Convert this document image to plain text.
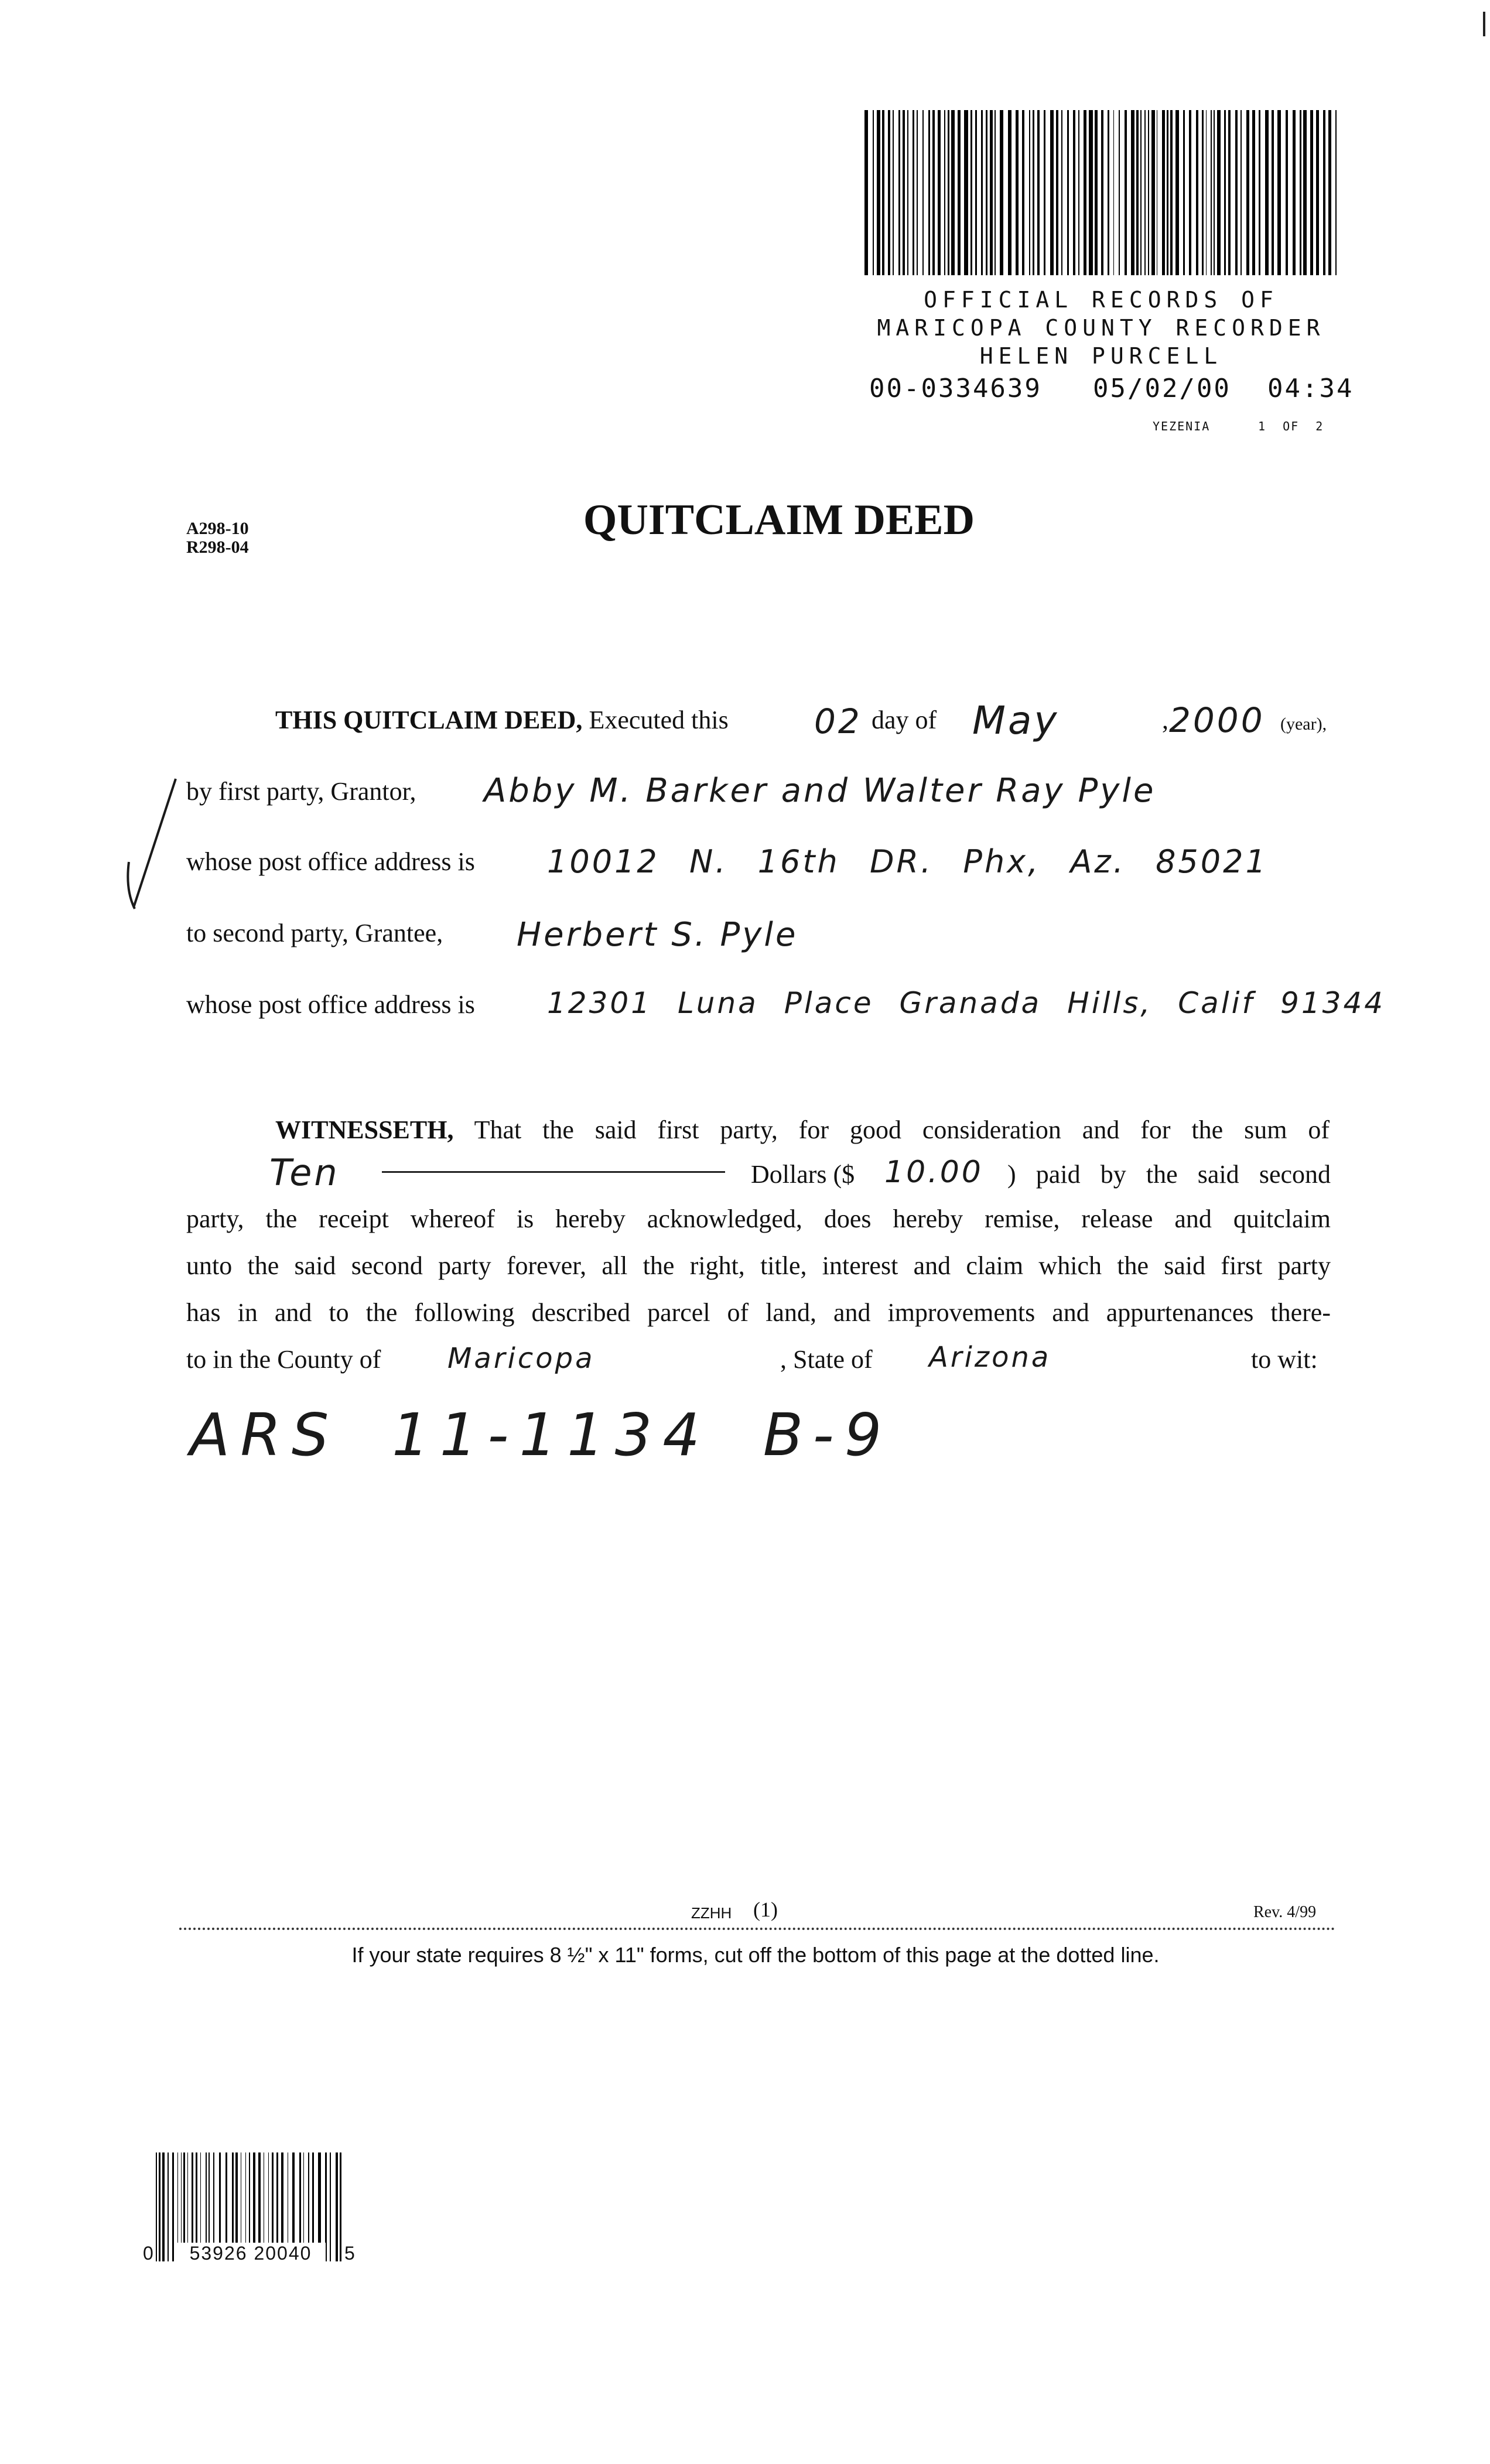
OFFICIAL RECORDS OF
MARICOPA COUNTY RECORDER
HELEN PURCELL
00-0334639 05/02/00 04:34
YEZENIA	1 OF 2
A298-10
R298-04
QUITCLAIM DEED
THIS QUITCLAIM DEED, Executed this	02 day of May	, 2000 (year),
by first party, Grantor, Abby M. Barker and Walter Ray Pyle
whose post office address is 10012 N. 16th DR. Phx, Az. 85021
to second party, Grantee, Herbert S. Pyle
whose post office address is 12301 Luna Place Granada Hills, Calif 91344
WITNESSETH, That the said first party, for good consideration and for the sum of
Ten	Dollars ($ 10.00 ) paid by the said second
party, the receipt whereof is hereby acknowledged, does hereby remise, release and quitclaim
unto the said second party forever, all the right, title, interest and claim which the said first party
has in and to the following described parcel of land, and improvements and appurtenances there-
to in the County of Maricopa	, State of Arizona	to wit:
ARS 11-1134 B-9
ZZHH (1)	Rev. 4/99
If your state requires 8 ½" x 11" forms, cut off the bottom of this page at the dotted line.
0	53926 20040	5
